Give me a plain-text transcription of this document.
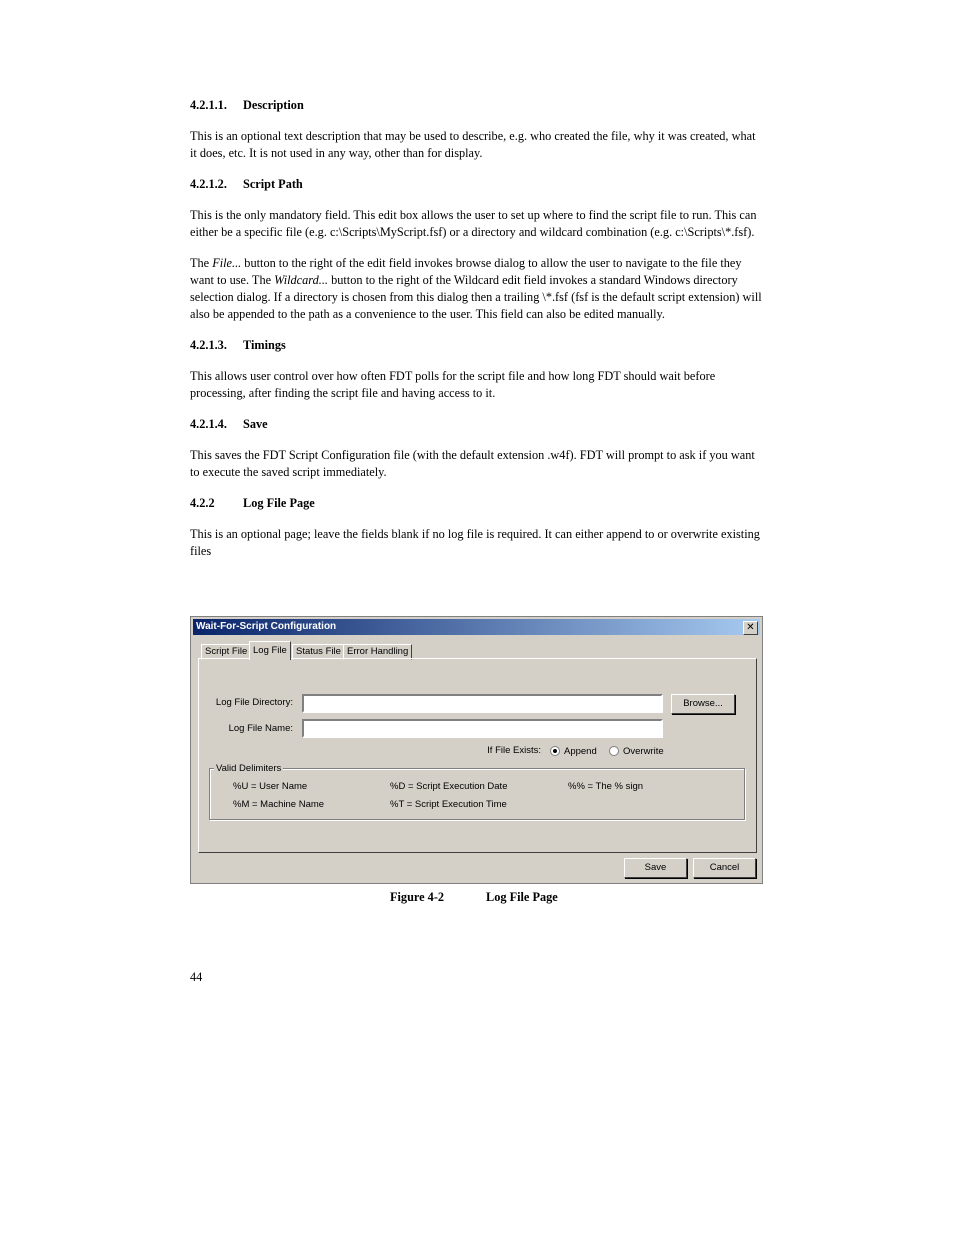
4.2.1.1. Description

This is an optional text description that may be used to describe, e.g. who created the file, why it was created, what it does, etc. It is not used in any way, other than for display.

4.2.1.2. Script Path

This is the only mandatory field. This edit box allows the user to set up where to find the script file to run. This can either be a specific file (e.g. c:\Scripts\MyScript.fsf) or a directory and wildcard combination (e.g. c:\Scripts\*.fsf).

The File... button to the right of the edit field invokes browse dialog to allow the user to navigate to the file they want to use. The Wildcard... button to the right of the Wildcard edit field invokes a standard Windows directory selection dialog. If a directory is chosen from this dialog then a trailing \*.fsf (fsf is the default script extension) will also be appended to the path as a convenience to the user. This field can also be edited manually.

4.2.1.3. Timings

This allows user control over how often FDT polls for the script file and how long FDT should wait before processing, after finding the script file and having access to it.

4.2.1.4. Save

This saves the FDT Script Configuration file (with the default extension .w4f). FDT will prompt to ask if you want to execute the saved script immediately.

4.2.2 Log File Page

This is an optional page; leave the fields blank if no log file is required. It can either append to or overwrite existing files

Wait-For-Script Configuration	✕
Script File Log File Status File Error Handling
Log File Directory:	Browse...
Log File Name:
If File Exists: Append	Overwrite
Valid Delimiters
%U = User Name	%D = Script Execution Date	%% = The % sign
%M = Machine Name	%T = Script Execution Time
Save	Cancel
Figure 4-2	Log File Page
44
